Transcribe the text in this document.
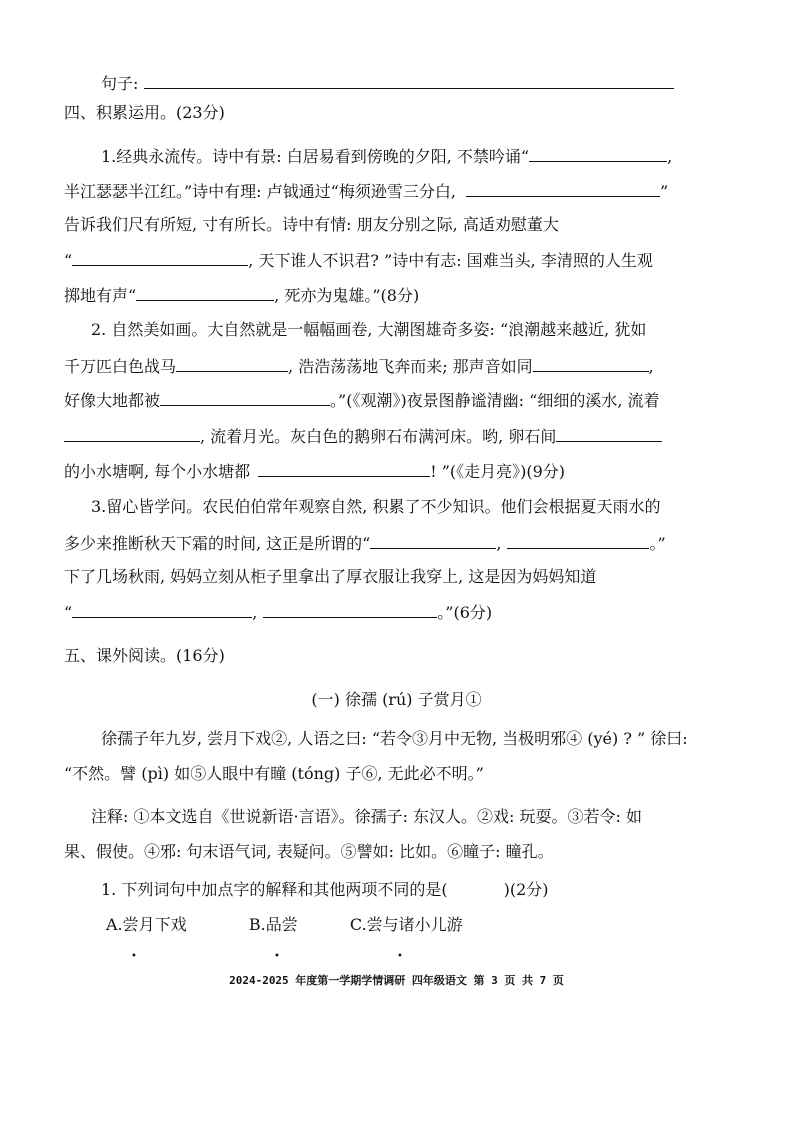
句子:
四、积累运用。(23分)
1.经典永流传。诗中有景: 白居易看到傍晚的夕阳, 不禁吟诵“	,
半江瑟瑟半江红。”诗中有理: 卢钺通过“梅须逊雪三分白,	”
告诉我们尺有所短, 寸有所长。诗中有情: 朋友分别之际, 高适劝慰董大
“	, 天下谁人不识君? ”诗中有志: 国难当头, 李清照的人生观
掷地有声“	, 死亦为鬼雄。”(8分)
2. 自然美如画。大自然就是一幅幅画卷, 大潮图雄奇多姿: “浪潮越来越近, 犹如
千万匹白色战马	, 浩浩荡荡地飞奔而来; 那声音如同	,
好像大地都被	。”(《观潮》)夜景图静谧清幽: “细细的溪水, 流着
, 流着月光。灰白色的鹅卵石布满河床。哟, 卵石间
的小水塘啊, 每个小水塘都	! ”(《走月亮》)(9分)
3.留心皆学问。农民伯伯常年观察自然, 积累了不少知识。他们会根据夏天雨水的
多少来推断秋天下霜的时间, 这正是所谓的“	,	。”
下了几场秋雨, 妈妈立刻从柜子里拿出了厚衣服让我穿上, 这是因为妈妈知道
“	,	。”(6分)
五、课外阅读。(16分)
(一) 徐孺 (rú) 子赏月①
徐孺子年九岁, 尝月下戏②, 人语之曰: “若令③月中无物, 当极明邪④ (yé) ? ” 徐曰:
“不然。譬 (pì) 如⑤人眼中有瞳 (tóng) 子⑥, 无此必不明。”
注释: ①本文选自《世说新语·言语》。徐孺子: 东汉人。②戏: 玩耍。③若令: 如
果、假使。④邪: 句末语气词, 表疑问。⑤譬如: 比如。⑥瞳子: 瞳孔。
1. 下列词句中加点字的解释和其他两项不同的是(	)(2分)
A.尝月下戏	B.品尝	C.尝与诸小儿游
•	•	•
2024-2025 年度第一学期学情调研 四年级语文 第 3 页 共 7 页
